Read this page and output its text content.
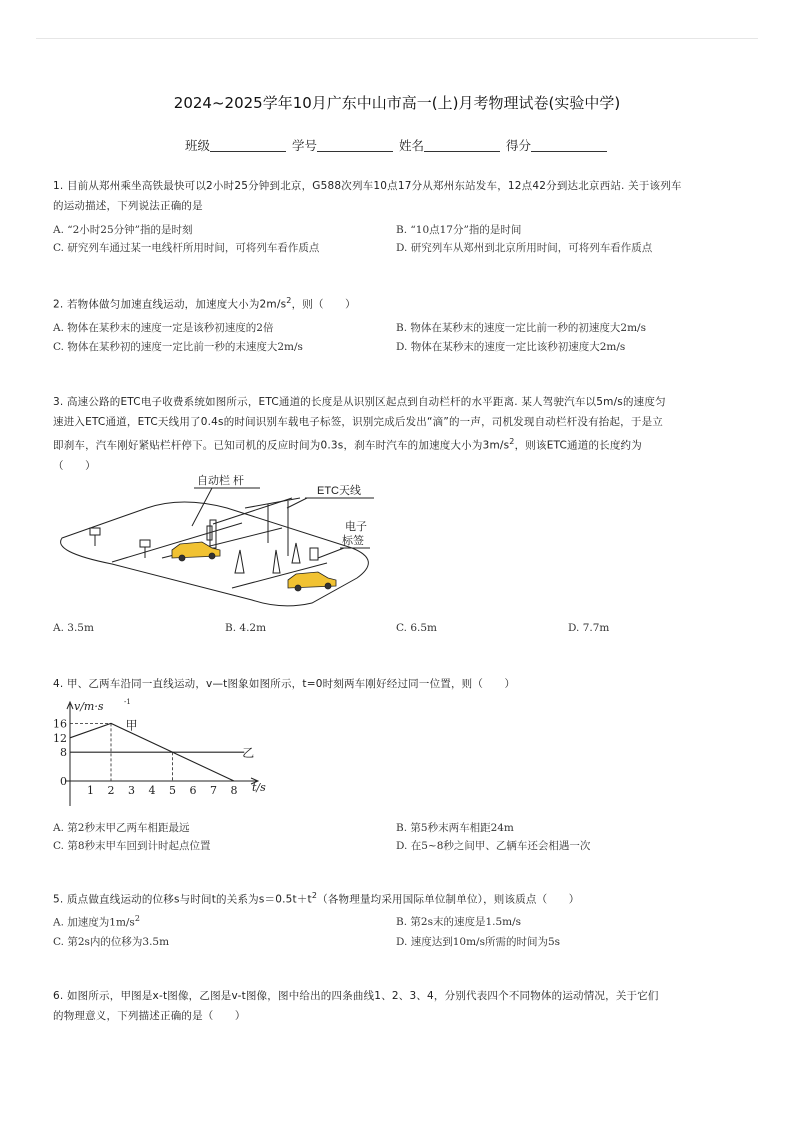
2024~2025学年10月广东中山市高一(上)月考物理试卷(实验中学)
班级	学号	姓名	得分
1. 目前从郑州乘坐高铁最快可以2小时25分钟到北京，G588次列车10点17分从郑州东站发车，12点42分到达北京西站. 关于该列车
的运动描述，下列说法正确的是
A. “2小时25分钟”指的是时刻	B. “10点17分”指的是时间
C. 研究列车通过某一电线杆所用时间，可将列车看作质点	D. 研究列车从郑州到北京所用时间，可将列车看作质点
2. 若物体做匀加速直线运动，加速度大小为$2m/s^2$，则（　　）
A. 物体在某秒末的速度一定是该秒初速度的2倍	B. 物体在某秒末的速度一定比前一秒的初速度大2m/s
C. 物体在某秒初的速度一定比前一秒的末速度大2m/s	D. 物体在某秒末的速度一定比该秒初速度大2m/s
3. 高速公路的ETC电子收费系统如图所示，ETC通道的长度是从识别区起点到自动栏杆的水平距离. 某人驾驶汽车以5m/s的速度匀
速进入ETC通道，ETC天线用了0.4s的时间识别车载电子标签，识别完成后发出“滴”的一声，司机发现自动栏杆没有抬起，于是立
即刹车，汽车刚好紧贴栏杆停下。已知司机的反应时间为0.3s，刹车时汽车的加速度大小为$3m/s^2$，则该ETC通道的长度约为
（　　）
自动栏 杆
ETC天线
电子
标签
A. 3.5m	B. 4.2m	C. 6.5m	D. 7.7m
4. 甲、乙两车沿同一直线运动，v—t图象如图所示，t=0时刻两车刚好经过同一位置，则（　　）
16
12
8
0
1 2 3 4 5 6 7 8
甲
乙
v/m·s	-1
t/s
A. 第2秒末甲乙两车相距最远	B. 第5秒末两车相距24m
C. 第8秒末甲车回到计时起点位置	D. 在5~8秒之间甲、乙辆车还会相遇一次
5. 质点做直线运动的位移s与时间t的关系为$s=0.5t+t^2$（各物理量均采用国际单位制单位），则该质点（　　）
A. 加速度为$1m/s^2$	B. 第2s末的速度是1.5m/s
C. 第2s内的位移为3.5m	D. 速度达到10m/s所需的时间为5s
6. 如图所示，甲图是x-t图像，乙图是v-t图像，图中给出的四条曲线1、2、3、4，分别代表四个不同物体的运动情况，关于它们
的物理意义，下列描述正确的是（　　）
